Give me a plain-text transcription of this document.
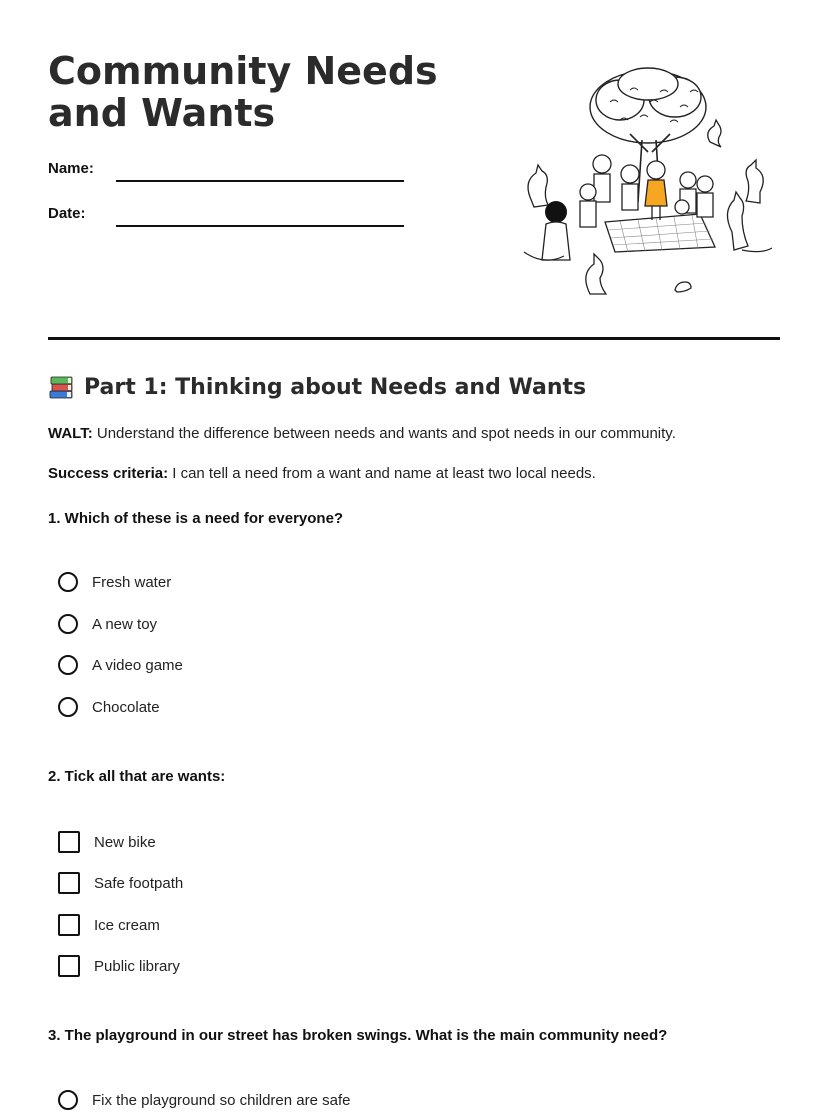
Community Needs and Wants
Name:
Date:
Part 1: Thinking about Needs and Wants
WALT: Understand the difference between needs and wants and spot needs in our community.
Success criteria: I can tell a need from a want and name at least two local needs.
1. Which of these is a need for everyone?
Fresh water
A new toy
A video game
Chocolate
2. Tick all that are wants:
New bike
Safe footpath
Ice cream
Public library
3. The playground in our street has broken swings. What is the main community need?
Fix the playground so children are safe
